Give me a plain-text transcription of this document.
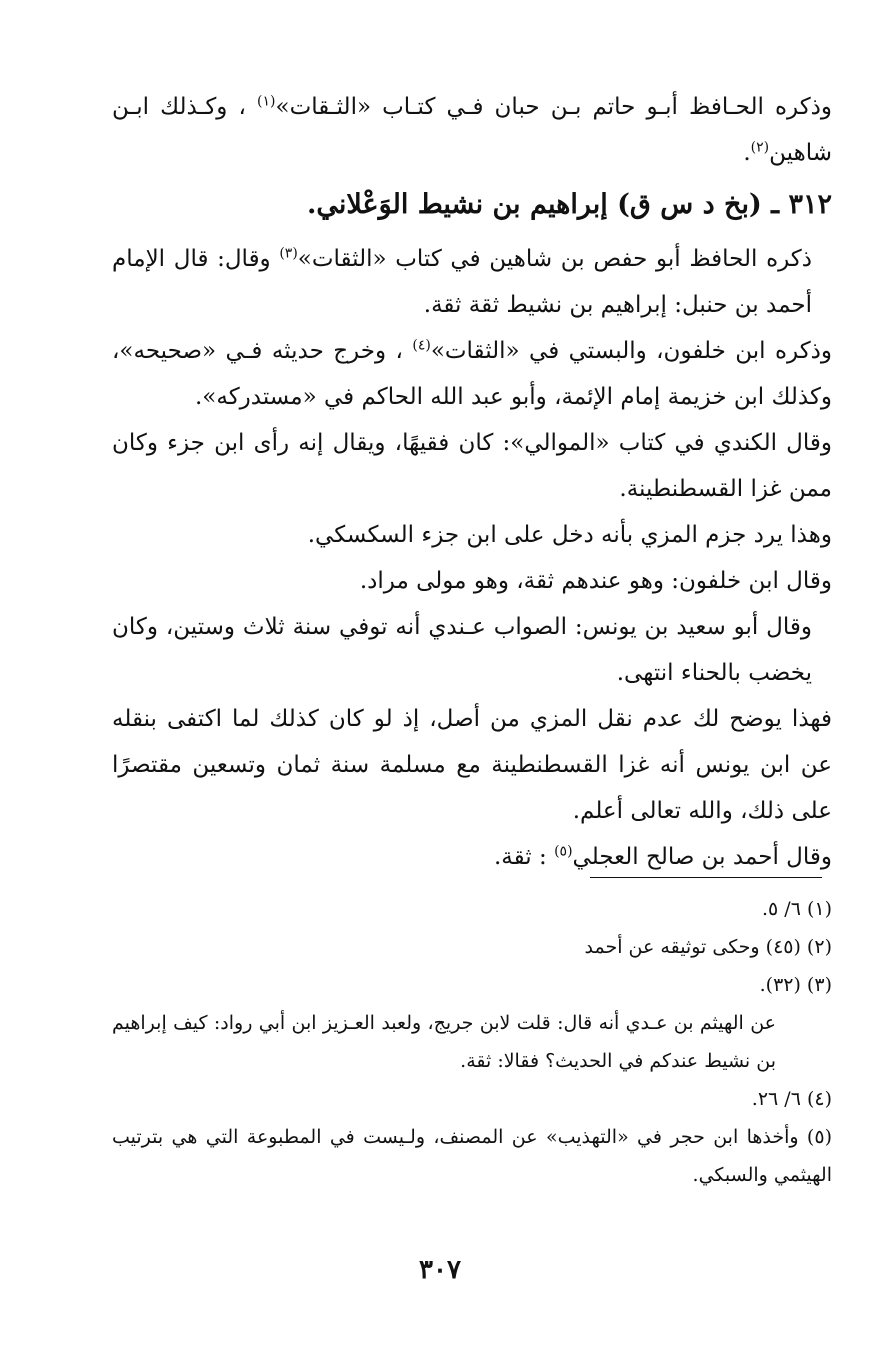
وذكره الحـافظ أبـو حاتم بـن حبان فـي كتـاب «الثـقات»$^{(١)}$ ، وكـذلك ابـن شاهين$^{(٢)}$.

٣١٢ ـ (بخ د س ق) إبراهيم بن نشيط الوَعْلاني.

ذكره الحافظ أبو حفص بن شاهين في كتاب «الثقات»$^{(٣)}$ وقال: قال الإمام أحمد بن حنبل: إبراهيم بن نشيط ثقة ثقة.

وذكره ابن خلفون، والبستي في «الثقات»$^{(٤)}$ ، وخرج حديثه فـي «صحيحه»، وكذلك ابن خزيمة إمام الإئمة، وأبو عبد الله الحاكم في «مستدركه».

وقال الكندي في كتاب «الموالي»: كان فقيهًا، ويقال إنه رأى ابن جزء وكان ممن غزا القسطنطينة.

وهذا يرد جزم المزي بأنه دخل على ابن جزء السكسكي.

وقال ابن خلفون: وهو عندهم ثقة، وهو مولى مراد.

وقال أبو سعيد بن يونس: الصواب عـندي أنه توفي سنة ثلاث وستين، وكان يخضب بالحناء انتهى.

فهذا يوضح لك عدم نقل المزي من أصل، إذ لو كان كذلك لما اكتفى بنقله عن ابن يونس أنه غزا القسطنطينة مع مسلمة سنة ثمان وتسعين مقتصرًا على ذلك، والله تعالى أعلم.

وقال أحمد بن صالح العجلي$^{(٥)}$ : ثقة.

(١) ٦/ ٥.

(٢) (٤٥) وحكى توثيقه عن أحمد

(٣) (٣٢).

عن الهيثم بن عـدي أنه قال: قلت لابن جريج، ولعبد العـزيز ابن أبي رواد: كيف إبراهيم بن نشيط عندكم في الحديث؟ فقالا: ثقة.

(٤) ٦/ ٢٦.

(٥) وأخذها ابن حجر في «التهذيب» عن المصنف، ولـيست في المطبوعة التي هي بترتيب الهيثمي والسبكي.

٣٠٧
